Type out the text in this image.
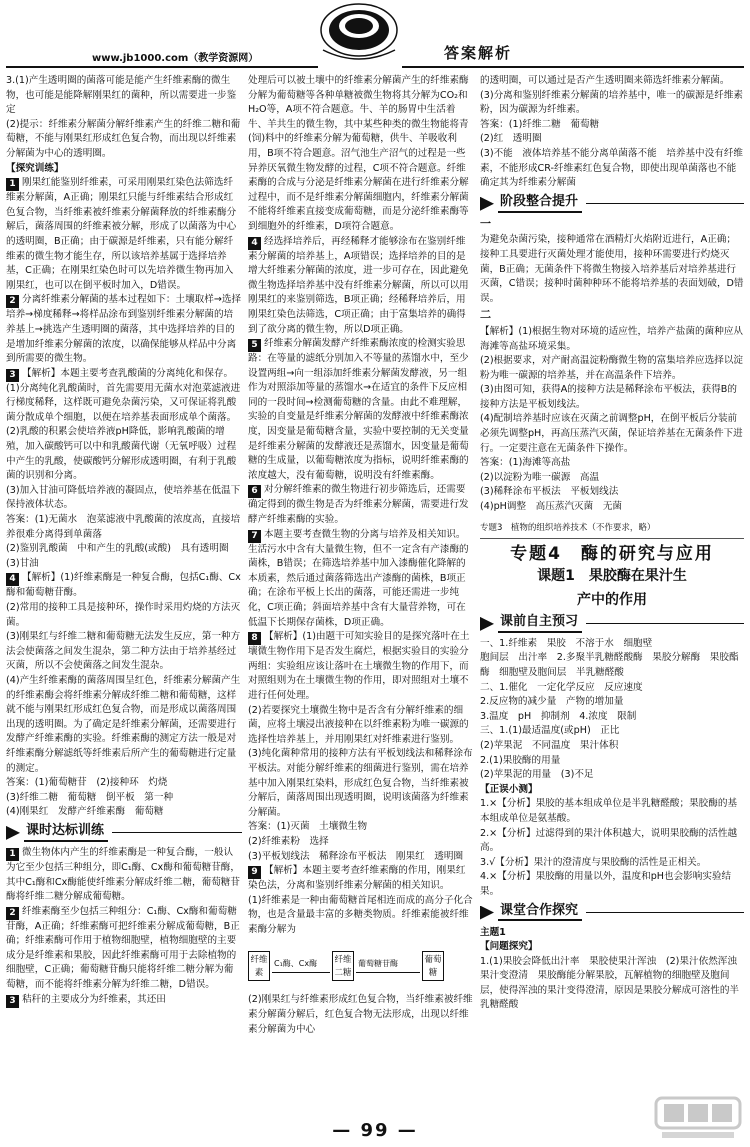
www.jb1000.com（教学资源网）	答案解析
3.(1)产生透明圈的菌落可能是能产生纤维素酶的微生物，也可能是能降解刚果红的菌种，所以需要进一步鉴定
(2)提示：纤维素分解菌分解纤维素产生的纤维二糖和葡萄糖，不能与刚果红形成红色复合物，而出现以纤维素分解菌为中心的透明圈。
【探究训练】
1 刚果红能鉴别纤维素，可采用刚果红染色法筛选纤维素分解菌，A正确；刚果红只能与纤维素结合形成红色复合物，当纤维素被纤维素分解菌释放的纤维素酶分解后，菌落周围的纤维素被分解，形成了以菌落为中心的透明圈，B正确；由于碳源是纤维素，只有能分解纤维素的微生物才能生存，所以该培养基属于选择培养基，C正确；在刚果红染色时可以先培养微生物再加入刚果红，也可以在倒平板时加入，D错误。
2 分离纤维素分解菌的基本过程如下：土壤取样→选择培养→梯度稀释→将样品涂布到鉴别纤维素分解菌的培养基上→挑选产生透明圈的菌落，其中选择培养的目的是增加纤维素分解菌的浓度，以确保能够从样品中分离到所需要的微生物。
3 【解析】本题主要考查乳酸菌的分离纯化和保存。
(1)分离纯化乳酸菌时，首先需要用无菌水对泡菜滤液进行梯度稀释，这样既可避免杂菌污染，又可保证将乳酸菌分散成单个细胞，以便在培养基表面形成单个菌落。
(2)乳酸的积累会使培养液pH降低，影响乳酸菌的增殖，加入碳酸钙可以中和乳酸菌代谢（无氧呼吸）过程中产生的乳酸，使碳酸钙分解形成透明圈，有利于乳酸菌的识别和分离。
(3)加入甘油可降低培养液的凝固点，使培养基在低温下保持液体状态。
答案：(1)无菌水　泡菜滤液中乳酸菌的浓度高，直接培养很难分离得到单菌落
(2)鉴别乳酸菌　中和产生的乳酸(或酸)　具有透明圈　(3)甘油
4 【解析】(1)纤维素酶是一种复合酶，包括C₁酶、Cx酶和葡萄糖苷酶。
(2)常用的接种工具是接种环，操作时采用灼烧的方法灭菌。
(3)刚果红与纤维二糖和葡萄糖无法发生反应，第一种方法会使菌落之间发生混杂，第二种方法由于培养基经过灭菌，所以不会使菌落之间发生混杂。
(4)产生纤维素酶的菌落周围呈红色，纤维素分解菌产生的纤维素酶会将纤维素分解成纤维二糖和葡萄糖，这样就不能与刚果红形成红色复合物，而是形成以菌落周围出现的透明圈。为了确定是纤维素分解菌，还需要进行发酵产纤维素酶的实验。纤维素酶的测定方法一般是对纤维素酶分解滤纸等纤维素后所产生的葡萄糖进行定量的测定。
答案：(1)葡萄糖苷　(2)接种环　灼烧
(3)纤维二糖　葡萄糖　倒平板　第一种
(4)刚果红　发酵产纤维素酶　葡萄糖
课时达标训练
1 微生物体内产生的纤维素酶是一种复合酶，一般认为它至少包括三种组分，即C₁酶、Cx酶和葡萄糖苷酶，其中C₁酶和Cx酶能使纤维素分解成纤维二糖，葡萄糖苷酶将纤维二糖分解成葡萄糖。
2 纤维素酶至少包括三种组分：C₁酶、Cx酶和葡萄糖苷酶，A正确；纤维素酶可把纤维素分解成葡萄糖，B正确；纤维素酶可作用于植物细胞壁，植物细胞壁的主要成分是纤维素和果胶，因此纤维素酶可用于去除植物的细胞壁，C正确；葡萄糖苷酶只能将纤维二糖分解为葡萄糖，而不能将纤维素分解为纤维二糖，D错误。
3 秸秆的主要成分为纤维素，其还田
处理后可以被土壤中的纤维素分解菌产生的纤维素酶分解为葡萄糖等各种单糖被微生物将其分解为CO₂和H₂O等，A项不符合题意。牛、羊的肠胃中生活着牛、羊共生的微生物，其中某些种类的微生物能将青(饲)料中的纤维素分解为葡萄糖，供牛、羊吸收利用，B项不符合题意。沼气池生产沼气的过程是一些异养厌氧微生物发酵的过程，C项不符合题意。纤维素酶的合成与分泌是纤维素分解菌在进行纤维素分解过程中，而不是纤维素分解菌细胞内，纤维素分解菌不能将纤维素直接变成葡萄糖，而是分泌纤维素酶等到细胞外的纤维素，D项符合题意。
4 经选择培养后，再经稀释才能够涂布在鉴别纤维素分解菌的培养基上，A项错误；选择培养的目的是增大纤维素分解菌的浓度，进一步可存在，因此避免微生物选择培养基中没有纤维素分解菌，所以可以用刚果红的来鉴别筛选，B项正确；经稀释培养后，用刚果红染色法筛选，C项正确；由于富集培养的确得到了欲分离的微生物，所以D项正确。
5 纤维素分解菌发酵产纤维素酶浓度的检测实验思路：在等量的滤纸分别加入不等量的蒸馏水中，至少设置两组→向一组添加纤维素分解菌发酵液，另一组作为对照添加等量的蒸馏水→在适宜的条件下反应相同的一段时间→检测葡萄糖的含量。由此不难理解，实验的自变量是纤维素分解菌的发酵液中纤维素酶浓度，因变量是葡萄糖含量，实验中要控制的无关变量是纤维素分解菌的发酵液还是蒸馏水，因变量是葡萄糖的生成量，以葡萄糖浓度为指标，说明纤维素酶的浓度越大，没有葡萄糖，说明没有纤维素酶。
6 对分解纤维素的微生物进行初步筛选后，还需要确定得到的微生物是否为纤维素分解菌，需要进行发酵产纤维素酶的实验。
7 本题主要考查微生物的分离与培养及相关知识。生活污水中含有大量微生物，但不一定含有产漆酶的菌株，B错误；在筛选培养基中加入漆酶催化降解的本质素，然后通过菌落筛选出产漆酶的菌株，B项正确；在涂布平板上长出的菌落，可能还需进一步纯化，C项正确；斜面培养基中含有大量营养物，可在低温下长期保存菌株，D项正确。
8 【解析】(1)由题干可知实验目的是探究落叶在土壤微生物作用下是否发生腐烂，根据实验目的实验分两组：实验组应该让落叶在土壤微生物的作用下，而对照组则为在土壤微生物的作用，即对照组对土壤不进行任何处理。
(2)若要探究土壤微生物中是否含有分解纤维素的细菌，应将土壤浸出液接种在以纤维素粉为唯一碳源的选择性培养基上，并用刚果红对纤维素进行鉴别。
(3)纯化菌种常用的接种方法有平板划线法和稀释涂布平板法。对能分解纤维素的细菌进行鉴别，需在培养基中加入刚果红染料，形成红色复合物，当纤维素被分解后，菌落周围出现透明圈，说明该菌落为纤维素分解菌。
答案：(1)灭菌　土壤微生物
(2)纤维素粉　选择
(3)平板划线法　稀释涂布平板法　刚果红　透明圈
9 【解析】本题主要考查纤维素酶的作用，刚果红染色法，分离和鉴别纤维素分解菌的相关知识。
(1)纤维素是一种由葡萄糖首尾相连而成的高分子化合物，也是含量最丰富的多糖类物质。纤维素能被纤维素酶分解为
纤维素
C₁酶、Cx酶	纤维二糖
葡萄糖苷酶	葡萄糖
(2)刚果红与纤维素形成红色复合物，当纤维素被纤维素分解菌分解后，红色复合物无法形成，出现以纤维素分解菌为中心
的透明圈，可以通过是否产生透明圈来筛选纤维素分解菌。
(3)分离和鉴别纤维素分解菌的培养基中，唯一的碳源是纤维素粉，因为碳源为纤维素。
答案：(1)纤维二糖　葡萄糖
(2)红　透明圈
(3)不能　液体培养基不能分离单菌落不能　培养基中没有纤维素，不能形成CR-纤维素红色复合物，即使出现单菌落也不能确定其为纤维素分解菌
阶段整合提升
一
为避免杂菌污染，接种通常在酒精灯火焰附近进行，A正确；接种工具要进行灭菌处理才能使用，接种环需要进行灼烧灭菌，B正确；无菌条件下将微生物接入培养基后对培养基进行灭菌，C错误；接种时菌种种环不能将培养基的表面划破，D错误。
二
【解析】(1)根据生物对环境的适应性，培养产盐菌的菌种应从海滩等高盐环境采集。
(2)根据要求，对产耐高温淀粉酶微生物的富集培养应选择以淀粉为唯一碳源的培养基，并在高温条件下培养。
(3)由图可知，获得A的接种方法是稀释涂布平板法，获得B的接种方法是平板划线法。
(4)配制培养基时应该在灭菌之前调整pH，在倒平板后分装前必须先调整pH，再高压蒸汽灭菌，保证培养基在无菌条件下进行。一定要注意在无菌条件下操作。
答案：(1)海滩等高盐
(2)以淀粉为唯一碳源　高温
(3)稀释涂布平板法　平板划线法
(4)pH调整　高压蒸汽灭菌　无菌
专题3　植物的组织培养技术（不作要求，略）
专题4　酶的研究与应用
课题1　果胶酶在果汁生
产中的作用
课前自主预习
一、1.纤维素　果胶　不溶于水　细胞壁
胞间层　出汁率　2.多聚半乳糖醛酸酶　果胶分解酶　果胶酯酶　细胞壁及胞间层　半乳糖醛酸
二、1.催化　一定化学反应　反应速度
2.反应物的减少量　产物的增加量
3.温度　pH　抑制剂　4.浓度　限制
三、1.(1)最适温度(或pH)　正比
(2)苹果泥　不同温度　果汁体积
2.(1)果胶酶的用量
(2)苹果泥的用量　(3)不足
【正误小测】
1.×【分析】果胶的基本组成单位是半乳糖醛酸；果胶酶的基本组成单位是氨基酸。
2.×【分析】过滤得到的果汁体积越大，说明果胶酶的活性越高。
3.√【分析】果汁的澄清度与果胶酶的活性是正相关。
4.×【分析】果胶酶的用量以外，温度和pH也会影响实验结果。
课堂合作探究
主题1
【问题探究】
1.(1)果胶会降低出汁率　果胶使果汁浑浊　(2)果汁依然浑浊　果汁变澄清　果胶酶能分解果胶，瓦解植物的细胞壁及胞间层，使得浑浊的果汁变得澄清，原因是果胶分解成可溶性的半乳糖醛酸
— 99 —
